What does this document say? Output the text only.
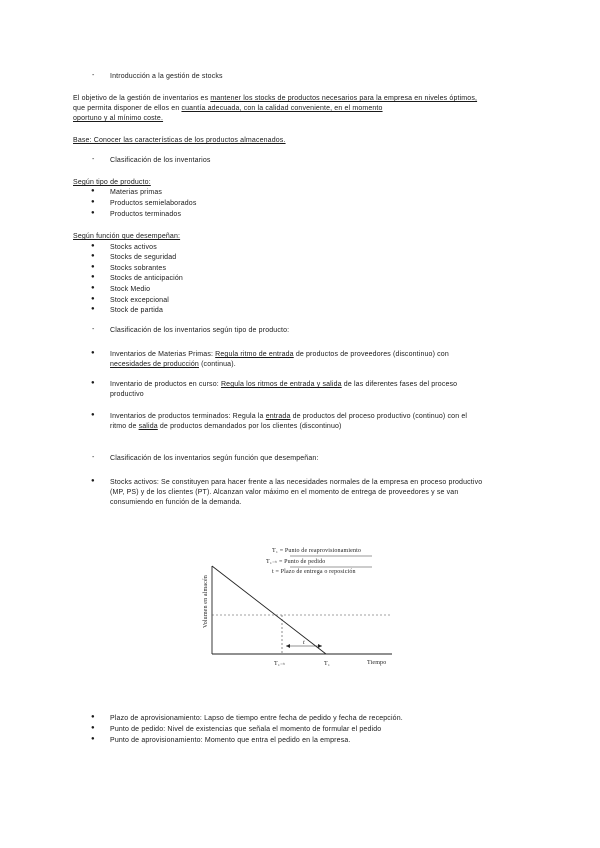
- Introducción a la gestión de stocks
El objetivo de la gestión de inventarios es mantener los stocks de productos necesarios para la empresa en niveles óptimos,
que permita disponer de ellos en cuantía adecuada, con la calidad conveniente, en el momento
oportuno y al mínimo coste.
Base: Conocer las características de los productos almacenados.
- Clasificación de los inventarios
Según tipo de producto:
● Materias primas
● Productos semielaborados
● Productos terminados
Según función que desempeñan:
● Stocks activos
● Stocks de seguridad
● Stocks sobrantes
● Stocks de anticipación
● Stock Medio
● Stock excepcional
● Stock de partida
- Clasificación de los inventarios según tipo de producto:
● Inventarios de Materias Primas: Regula ritmo de entrada de productos de proveedores (discontinuo) con
necesidades de producción (continua).
● Inventario de productos en curso: Regula los ritmos de entrada y salida de las diferentes fases del proceso
productivo
● Inventarios de productos terminados: Regula la entrada de productos del proceso productivo (continuo) con el
ritmo de salida de productos demandados por los clientes (discontinuo)
- Clasificación de los inventarios según función que desempeñan:
● Stocks activos: Se constituyen para hacer frente a las necesidades normales de la empresa en proceso productivo
(MP, PS) y de los clientes (PT). Alcanzan valor máximo en el momento de entrega de proveedores y se van
consumiendo en función de la demanda.
T₁ = Punto de reaprovisionamiento
T₁₋ₜ = Punto de pedido
t = Plazo de entrega o reposición
t
T₁₋ₜ	T₁	Tiempo
Volumen en almacén
● Plazo de aprovisionamiento: Lapso de tiempo entre fecha de pedido y fecha de recepción.
● Punto de pedido: Nivel de existencias que señala el momento de formular el pedido
● Punto de aprovisionamiento: Momento que entra el pedido en la empresa.
